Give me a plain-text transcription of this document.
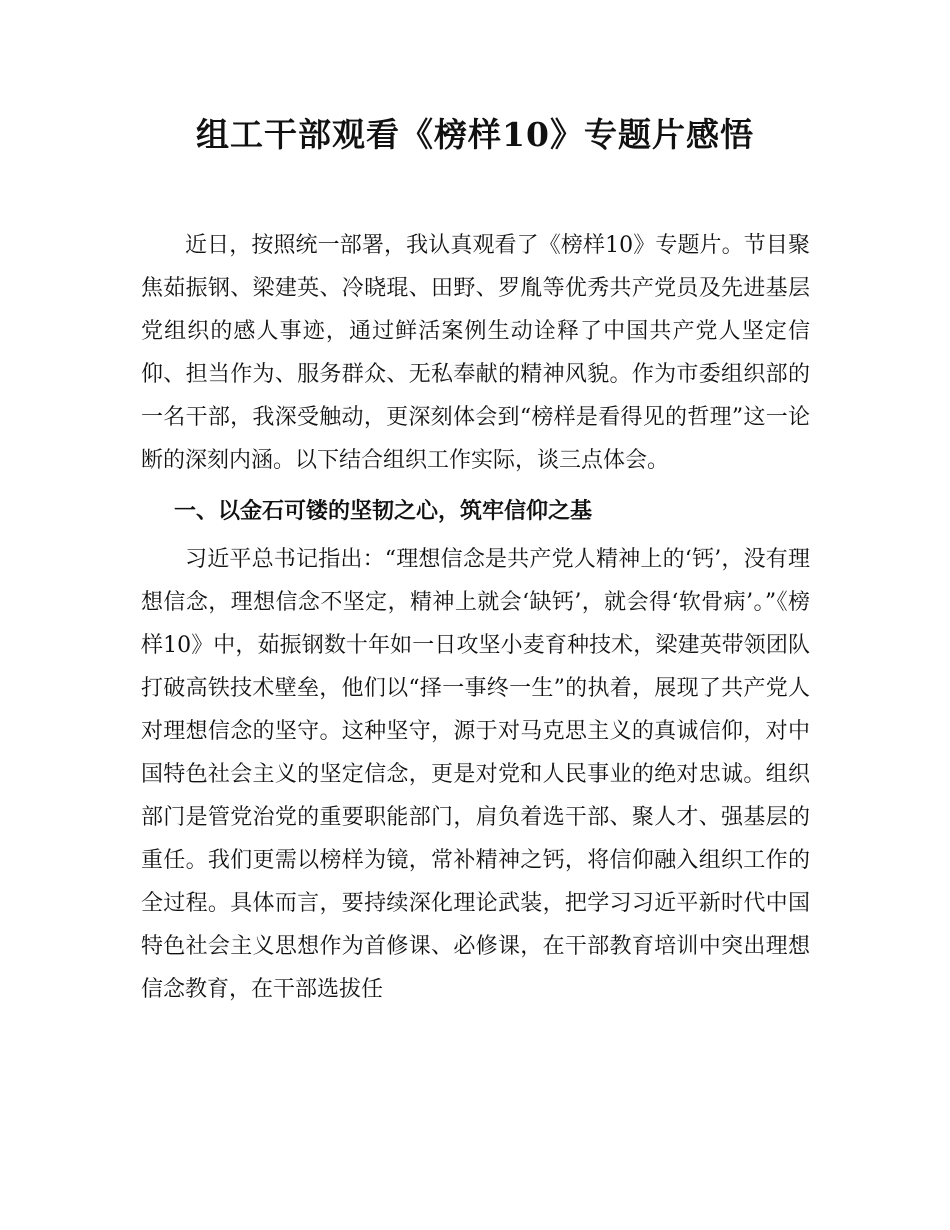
组工干部观看《榜样10》专题片感悟

近日，按照统一部署，我认真观看了《榜样10》专题片。节目聚焦茹振钢、梁建英、冷晓琨、田野、罗胤等优秀共产党员及先进基层党组织的感人事迹，通过鲜活案例生动诠释了中国共产党人坚定信仰、担当作为、服务群众、无私奉献的精神风貌。作为市委组织部的一名干部，我深受触动，更深刻体会到“榜样是看得见的哲理”这一论断的深刻内涵。以下结合组织工作实际，谈三点体会。

一、以金石可镂的坚韧之心，筑牢信仰之基

习近平总书记指出：“理想信念是共产党人精神上的‘钙’，没有理想信念，理想信念不坚定，精神上就会‘缺钙’，就会得‘软骨病’。”《榜样10》中，茹振钢数十年如一日攻坚小麦育种技术，梁建英带领团队打破高铁技术壁垒，他们以“择一事终一生”的执着，展现了共产党人对理想信念的坚守。这种坚守，源于对马克思主义的真诚信仰，对中国特色社会主义的坚定信念，更是对党和人民事业的绝对忠诚。组织部门是管党治党的重要职能部门，肩负着选干部、聚人才、强基层的重任。我们更需以榜样为镜，常补精神之钙，将信仰融入组织工作的全过程。具体而言，要持续深化理论武装，把学习习近平新时代中国特色社会主义思想作为首修课、必修课，在干部教育培训中突出理想信念教育，在干部选拔任
